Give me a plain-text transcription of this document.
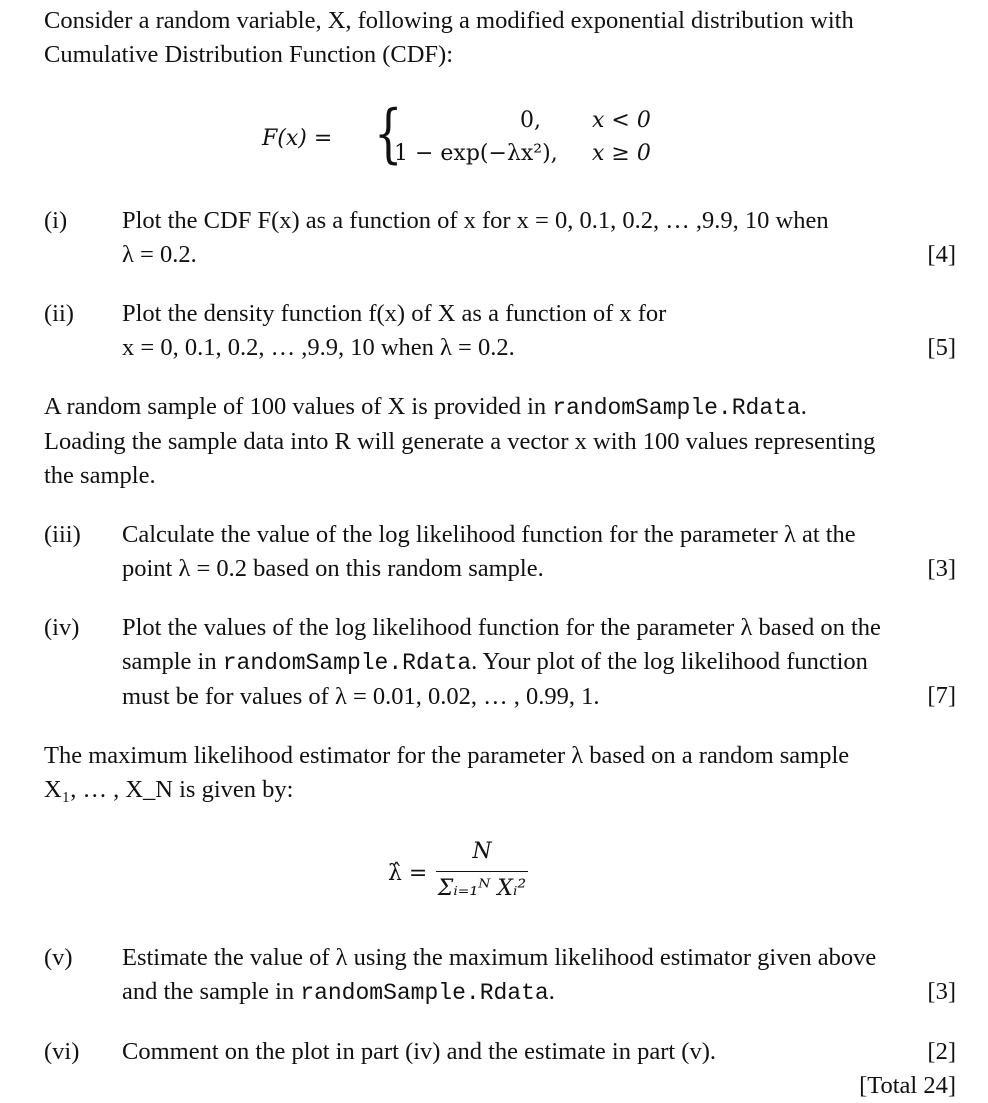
Consider a random variable, X, following a modified exponential distribution with

Cumulative Distribution Function (CDF):

F(x) = {	0, x < 0
1 − exp(−λx²), x ≥ 0
(i) Plot the CDF F(x) as a function of x for x = 0, 0.1, 0.2, … ,9.9, 10 when
λ = 0.2.	[4]
(ii) Plot the density function f(x) of X as a function of x for
x = 0, 0.1, 0.2, … ,9.9, 10 when λ = 0.2.	[5]
A random sample of 100 values of X is provided in randomSample.Rdata.
Loading the sample data into R will generate a vector x with 100 values representing
the sample.
(iii) Calculate the value of the log likelihood function for the parameter λ at the
point λ = 0.2 based on this random sample.	[3]
(iv) Plot the values of the log likelihood function for the parameter λ based on the
sample in randomSample.Rdata. Your plot of the log likelihood function
must be for values of λ = 0.01, 0.02, … , 0.99, 1.	[7]
The maximum likelihood estimator for the parameter λ based on a random sample
X₁, … , X_N is given by:
λ̂ =
N
Σᵢ₌₁ᴺ Xᵢ²
(v) Estimate the value of λ using the maximum likelihood estimator given above
and the sample in randomSample.Rdata.	[3]
(vi) Comment on the plot in part (iv) and the estimate in part (v).	[2]
[Total 24]
